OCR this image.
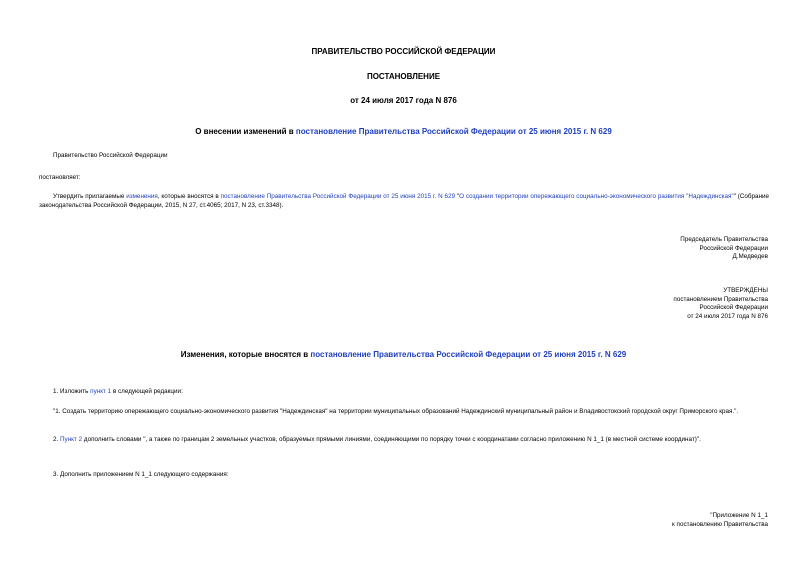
ПРАВИТЕЛЬСТВО РОССИЙСКОЙ ФЕДЕРАЦИИ
ПОСТАНОВЛЕНИЕ
от 24 июля 2017 года N 876
О внесении изменений в постановление Правительства Российской Федерации от 25 июня 2015 г. N 629
Правительство Российской Федерации
постановляет:
Утвердить прилагаемые изменения, которые вносятся в постановление Правительства Российской Федерации от 25 июня 2015 г. N 629 "О создании территории опережающего социально-экономического развития "Надеждинская"" (Собрание законодательства Российской Федерации, 2015, N 27, ст.4065; 2017, N 23, ст.3348).
Председатель Правительства
Российской Федерации
Д.Медведев
УТВЕРЖДЕНЫ
постановлением Правительства
Российской Федерации
от 24 июля 2017 года N 876
Изменения, которые вносятся в постановление Правительства Российской Федерации от 25 июня 2015 г. N 629
1. Изложить пункт 1 в следующей редакции:
"1. Создать территорию опережающего социально-экономического развития "Надеждинская" на территории муниципальных образований Надеждинский муниципальный район и Владивостокский городской округ Приморского края.".
2. Пункт 2 дополнить словами ", а также по границам 2 земельных участков, образуемых прямыми линиями, соединяющими по порядку точки с координатами согласно приложению N 1_1 (в местной системе координат)".
3. Дополнить приложением N 1_1 следующего содержания:
"Приложение N 1_1
к постановлению Правительства
